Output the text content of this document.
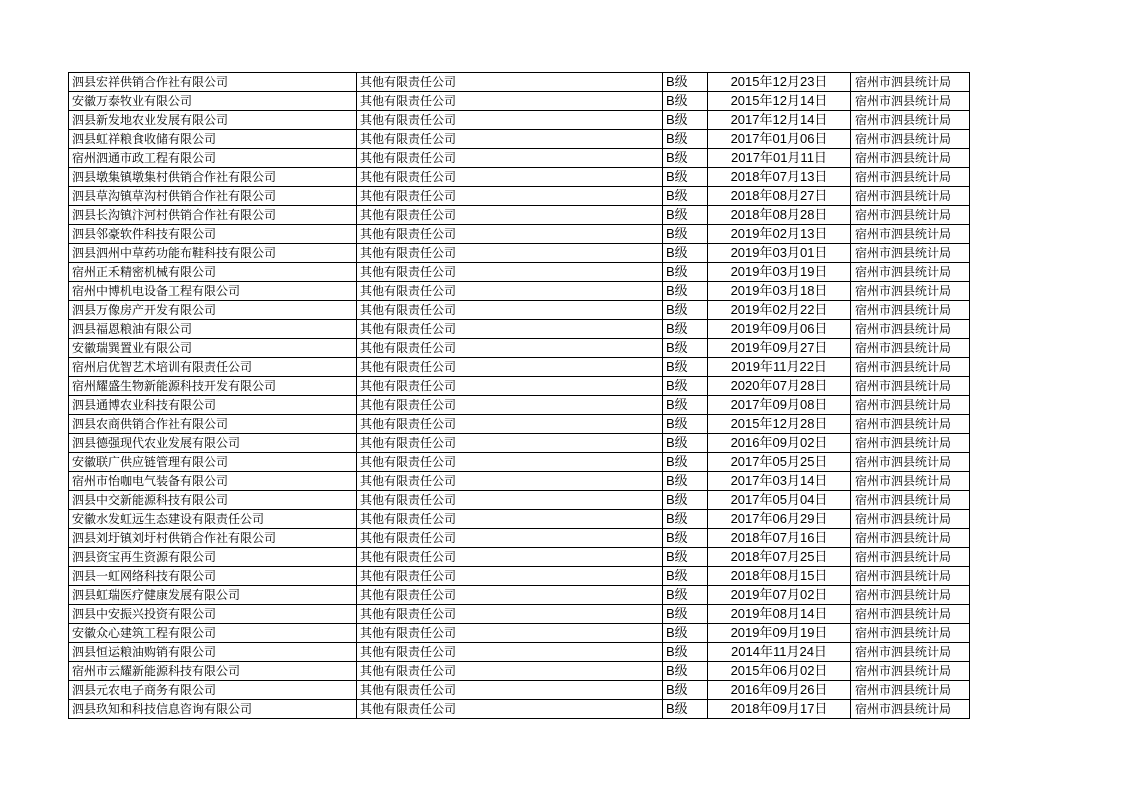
泗县宏祥供销合作社有限公司	其他有限责任公司	B级	2015年12月23日	宿州市泗县统计局
安徽万泰牧业有限公司	其他有限责任公司	B级	2015年12月14日	宿州市泗县统计局
泗县新发地农业发展有限公司	其他有限责任公司	B级	2017年12月14日	宿州市泗县统计局
泗县虹祥粮食收储有限公司	其他有限责任公司	B级	2017年01月06日	宿州市泗县统计局
宿州泗通市政工程有限公司	其他有限责任公司	B级	2017年01月11日	宿州市泗县统计局
泗县墩集镇墩集村供销合作社有限公司	其他有限责任公司	B级	2018年07月13日	宿州市泗县统计局
泗县草沟镇草沟村供销合作社有限公司	其他有限责任公司	B级	2018年08月27日	宿州市泗县统计局
泗县长沟镇汴河村供销合作社有限公司	其他有限责任公司	B级	2018年08月28日	宿州市泗县统计局
泗县邻豪软件科技有限公司	其他有限责任公司	B级	2019年02月13日	宿州市泗县统计局
泗县泗州中草药功能布鞋科技有限公司	其他有限责任公司	B级	2019年03月01日	宿州市泗县统计局
宿州正禾精密机械有限公司	其他有限责任公司	B级	2019年03月19日	宿州市泗县统计局
宿州中博机电设备工程有限公司	其他有限责任公司	B级	2019年03月18日	宿州市泗县统计局
泗县万像房产开发有限公司	其他有限责任公司	B级	2019年02月22日	宿州市泗县统计局
泗县福恩粮油有限公司	其他有限责任公司	B级	2019年09月06日	宿州市泗县统计局
安徽瑞巽置业有限公司	其他有限责任公司	B级	2019年09月27日	宿州市泗县统计局
宿州启优智艺术培训有限责任公司	其他有限责任公司	B级	2019年11月22日	宿州市泗县统计局
宿州耀盛生物新能源科技开发有限公司	其他有限责任公司	B级	2020年07月28日	宿州市泗县统计局
泗县通博农业科技有限公司	其他有限责任公司	B级	2017年09月08日	宿州市泗县统计局
泗县农商供销合作社有限公司	其他有限责任公司	B级	2015年12月28日	宿州市泗县统计局
泗县德强现代农业发展有限公司	其他有限责任公司	B级	2016年09月02日	宿州市泗县统计局
安徽联广供应链管理有限公司	其他有限责任公司	B级	2017年05月25日	宿州市泗县统计局
宿州市怡咖电气装备有限公司	其他有限责任公司	B级	2017年03月14日	宿州市泗县统计局
泗县中交新能源科技有限公司	其他有限责任公司	B级	2017年05月04日	宿州市泗县统计局
安徽水发虹远生态建设有限责任公司	其他有限责任公司	B级	2017年06月29日	宿州市泗县统计局
泗县刘圩镇刘圩村供销合作社有限公司	其他有限责任公司	B级	2018年07月16日	宿州市泗县统计局
泗县资宝再生资源有限公司	其他有限责任公司	B级	2018年07月25日	宿州市泗县统计局
泗县一虹网络科技有限公司	其他有限责任公司	B级	2018年08月15日	宿州市泗县统计局
泗县虹瑞医疗健康发展有限公司	其他有限责任公司	B级	2019年07月02日	宿州市泗县统计局
泗县中安振兴投资有限公司	其他有限责任公司	B级	2019年08月14日	宿州市泗县统计局
安徽众心建筑工程有限公司	其他有限责任公司	B级	2019年09月19日	宿州市泗县统计局
泗县恒运粮油购销有限公司	其他有限责任公司	B级	2014年11月24日	宿州市泗县统计局
宿州市云耀新能源科技有限公司	其他有限责任公司	B级	2015年06月02日	宿州市泗县统计局
泗县元农电子商务有限公司	其他有限责任公司	B级	2016年09月26日	宿州市泗县统计局
泗县玖知和科技信息咨询有限公司	其他有限责任公司	B级	2018年09月17日	宿州市泗县统计局
